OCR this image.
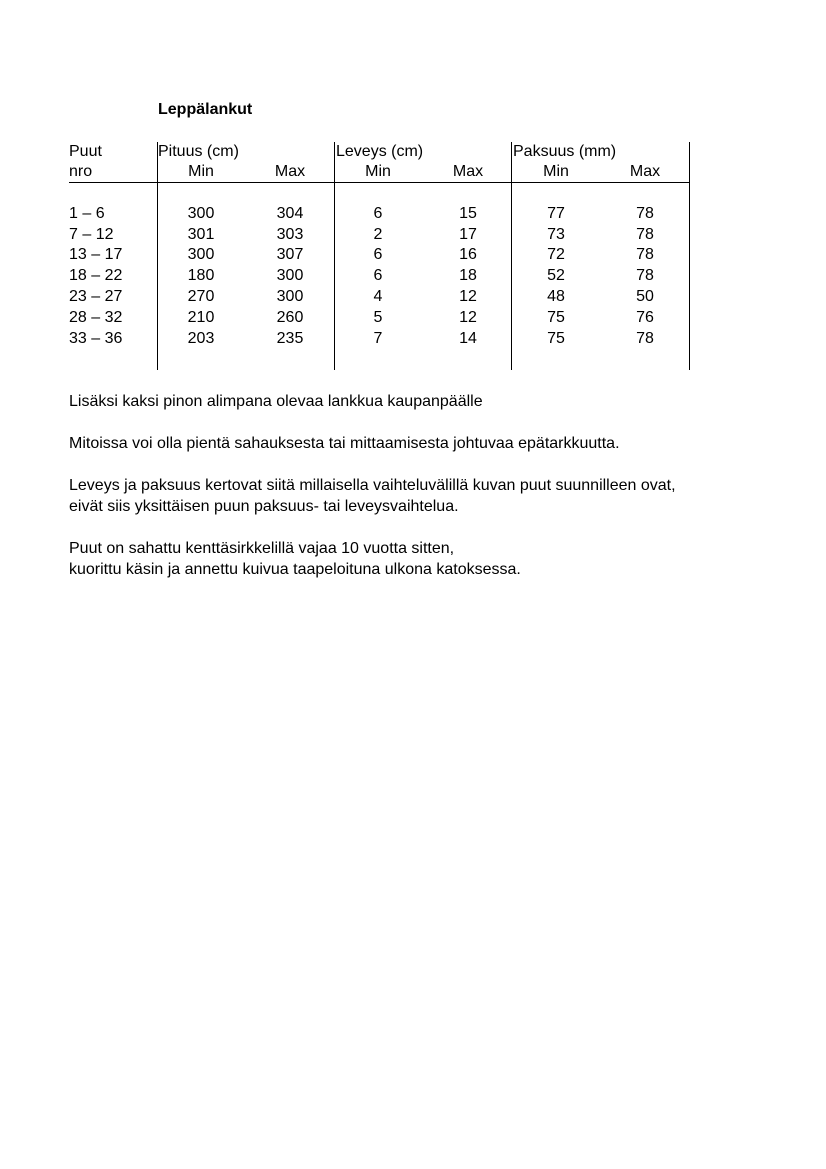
Leppälankut
Puut	Pituus (cm)	Leveys (cm)	Paksuus (mm)
nro	Min	Max	Min	Max	Min	Max
1 – 6	300	304	6	15	77	78
7 – 12	301	303	2	17	73	78
13 – 17	300	307	6	16	72	78
18 – 22	180	300	6	18	52	78
23 – 27	270	300	4	12	48	50
28 – 32	210	260	5	12	75	76
33 – 36	203	235	7	14	75	78

Lisäksi kaksi pinon alimpana olevaa lankkua kaupanpäälle

Mitoissa voi olla pientä sahauksesta tai mittaamisesta johtuvaa epätarkkuutta.

Leveys ja paksuus kertovat siitä millaisella vaihteluvälillä kuvan puut suunnilleen ovat,

eivät siis yksittäisen puun paksuus- tai leveysvaihtelua.

Puut on sahattu kenttäsirkkelillä vajaa 10 vuotta sitten,

kuorittu käsin ja annettu kuivua taapeloituna ulkona katoksessa.
